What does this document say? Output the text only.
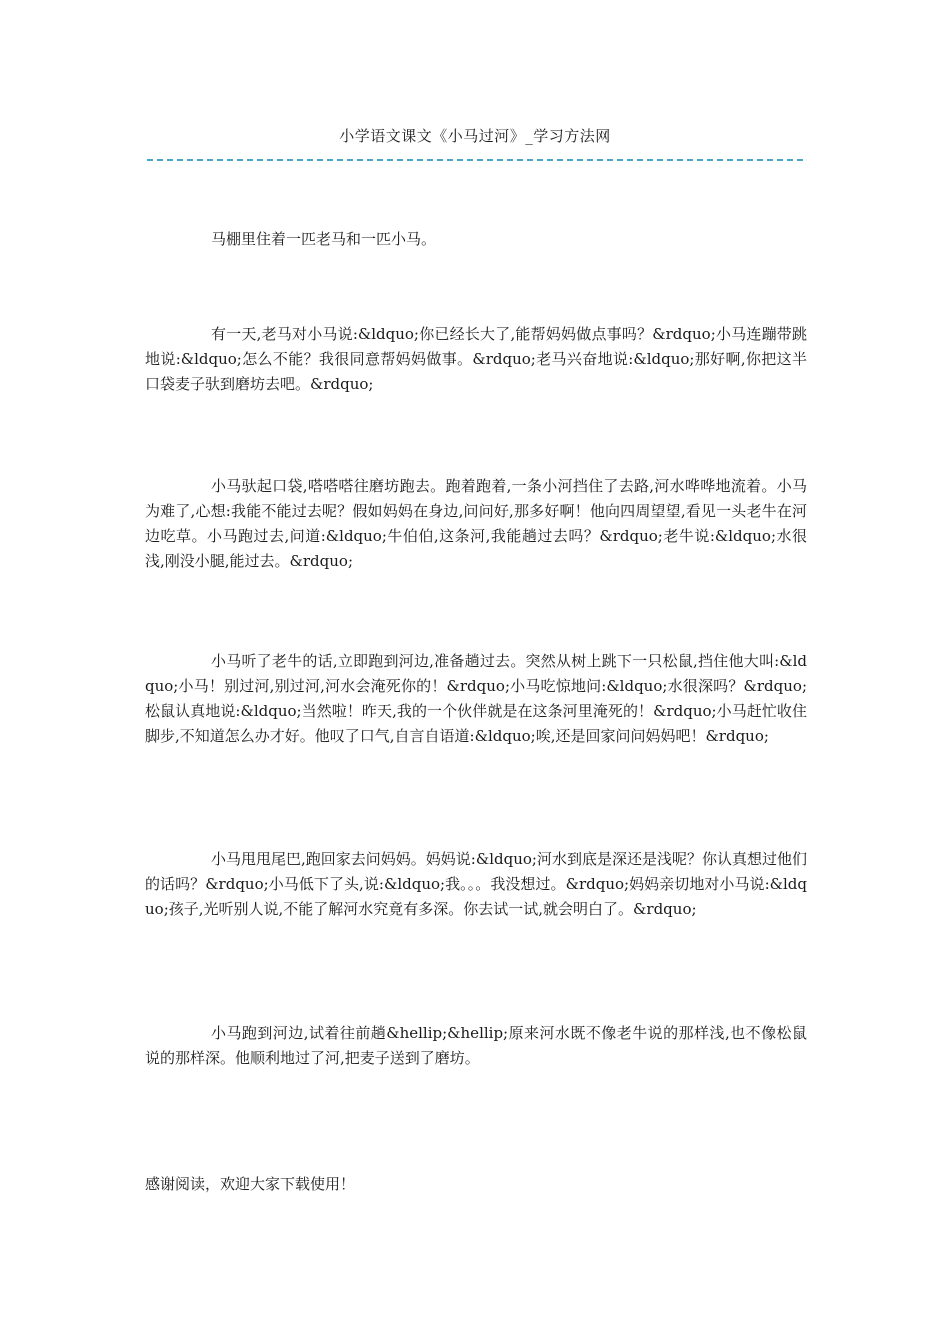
小学语文课文《小马过河》_学习方法网

马棚里住着一匹老马和一匹小马。

有一天,老马对小马说:&ldquo;你已经长大了,能帮妈妈做点事吗？&rdquo;小马连蹦带跳地说:&ldquo;怎么不能？我很同意帮妈妈做事。&rdquo;老马兴奋地说:&ldquo;那好啊,你把这半口袋麦子驮到磨坊去吧。&rdquo;

小马驮起口袋,嗒嗒嗒往磨坊跑去。跑着跑着,一条小河挡住了去路,河水哗哗地流着。小马为难了,心想:我能不能过去呢？假如妈妈在身边,问问好,那多好啊！他向四周望望,看见一头老牛在河边吃草。小马跑过去,问道:&ldquo;牛伯伯,这条河,我能趟过去吗？&rdquo;老牛说:&ldquo;水很浅,刚没小腿,能过去。&rdquo;

小马听了老牛的话,立即跑到河边,准备趟过去。突然从树上跳下一只松鼠,挡住他大叫:&ldquo;小马！别过河,别过河,河水会淹死你的！&rdquo;小马吃惊地问:&ldquo;水很深吗？&rdquo;松鼠认真地说:&ldquo;当然啦！昨天,我的一个伙伴就是在这条河里淹死的！&rdquo;小马赶忙收住脚步,不知道怎么办才好。他叹了口气,自言自语道:&ldquo;唉,还是回家问问妈妈吧！&rdquo;

小马甩甩尾巴,跑回家去问妈妈。妈妈说:&ldquo;河水到底是深还是浅呢？你认真想过他们的话吗？&rdquo;小马低下了头,说:&ldquo;我。。。我没想过。&rdquo;妈妈亲切地对小马说:&ldquo;孩子,光听别人说,不能了解河水究竟有多深。你去试一试,就会明白了。&rdquo;

小马跑到河边,试着往前趟&hellip;&hellip;原来河水既不像老牛说的那样浅,也不像松鼠说的那样深。他顺利地过了河,把麦子送到了磨坊。

感谢阅读，欢迎大家下载使用！
